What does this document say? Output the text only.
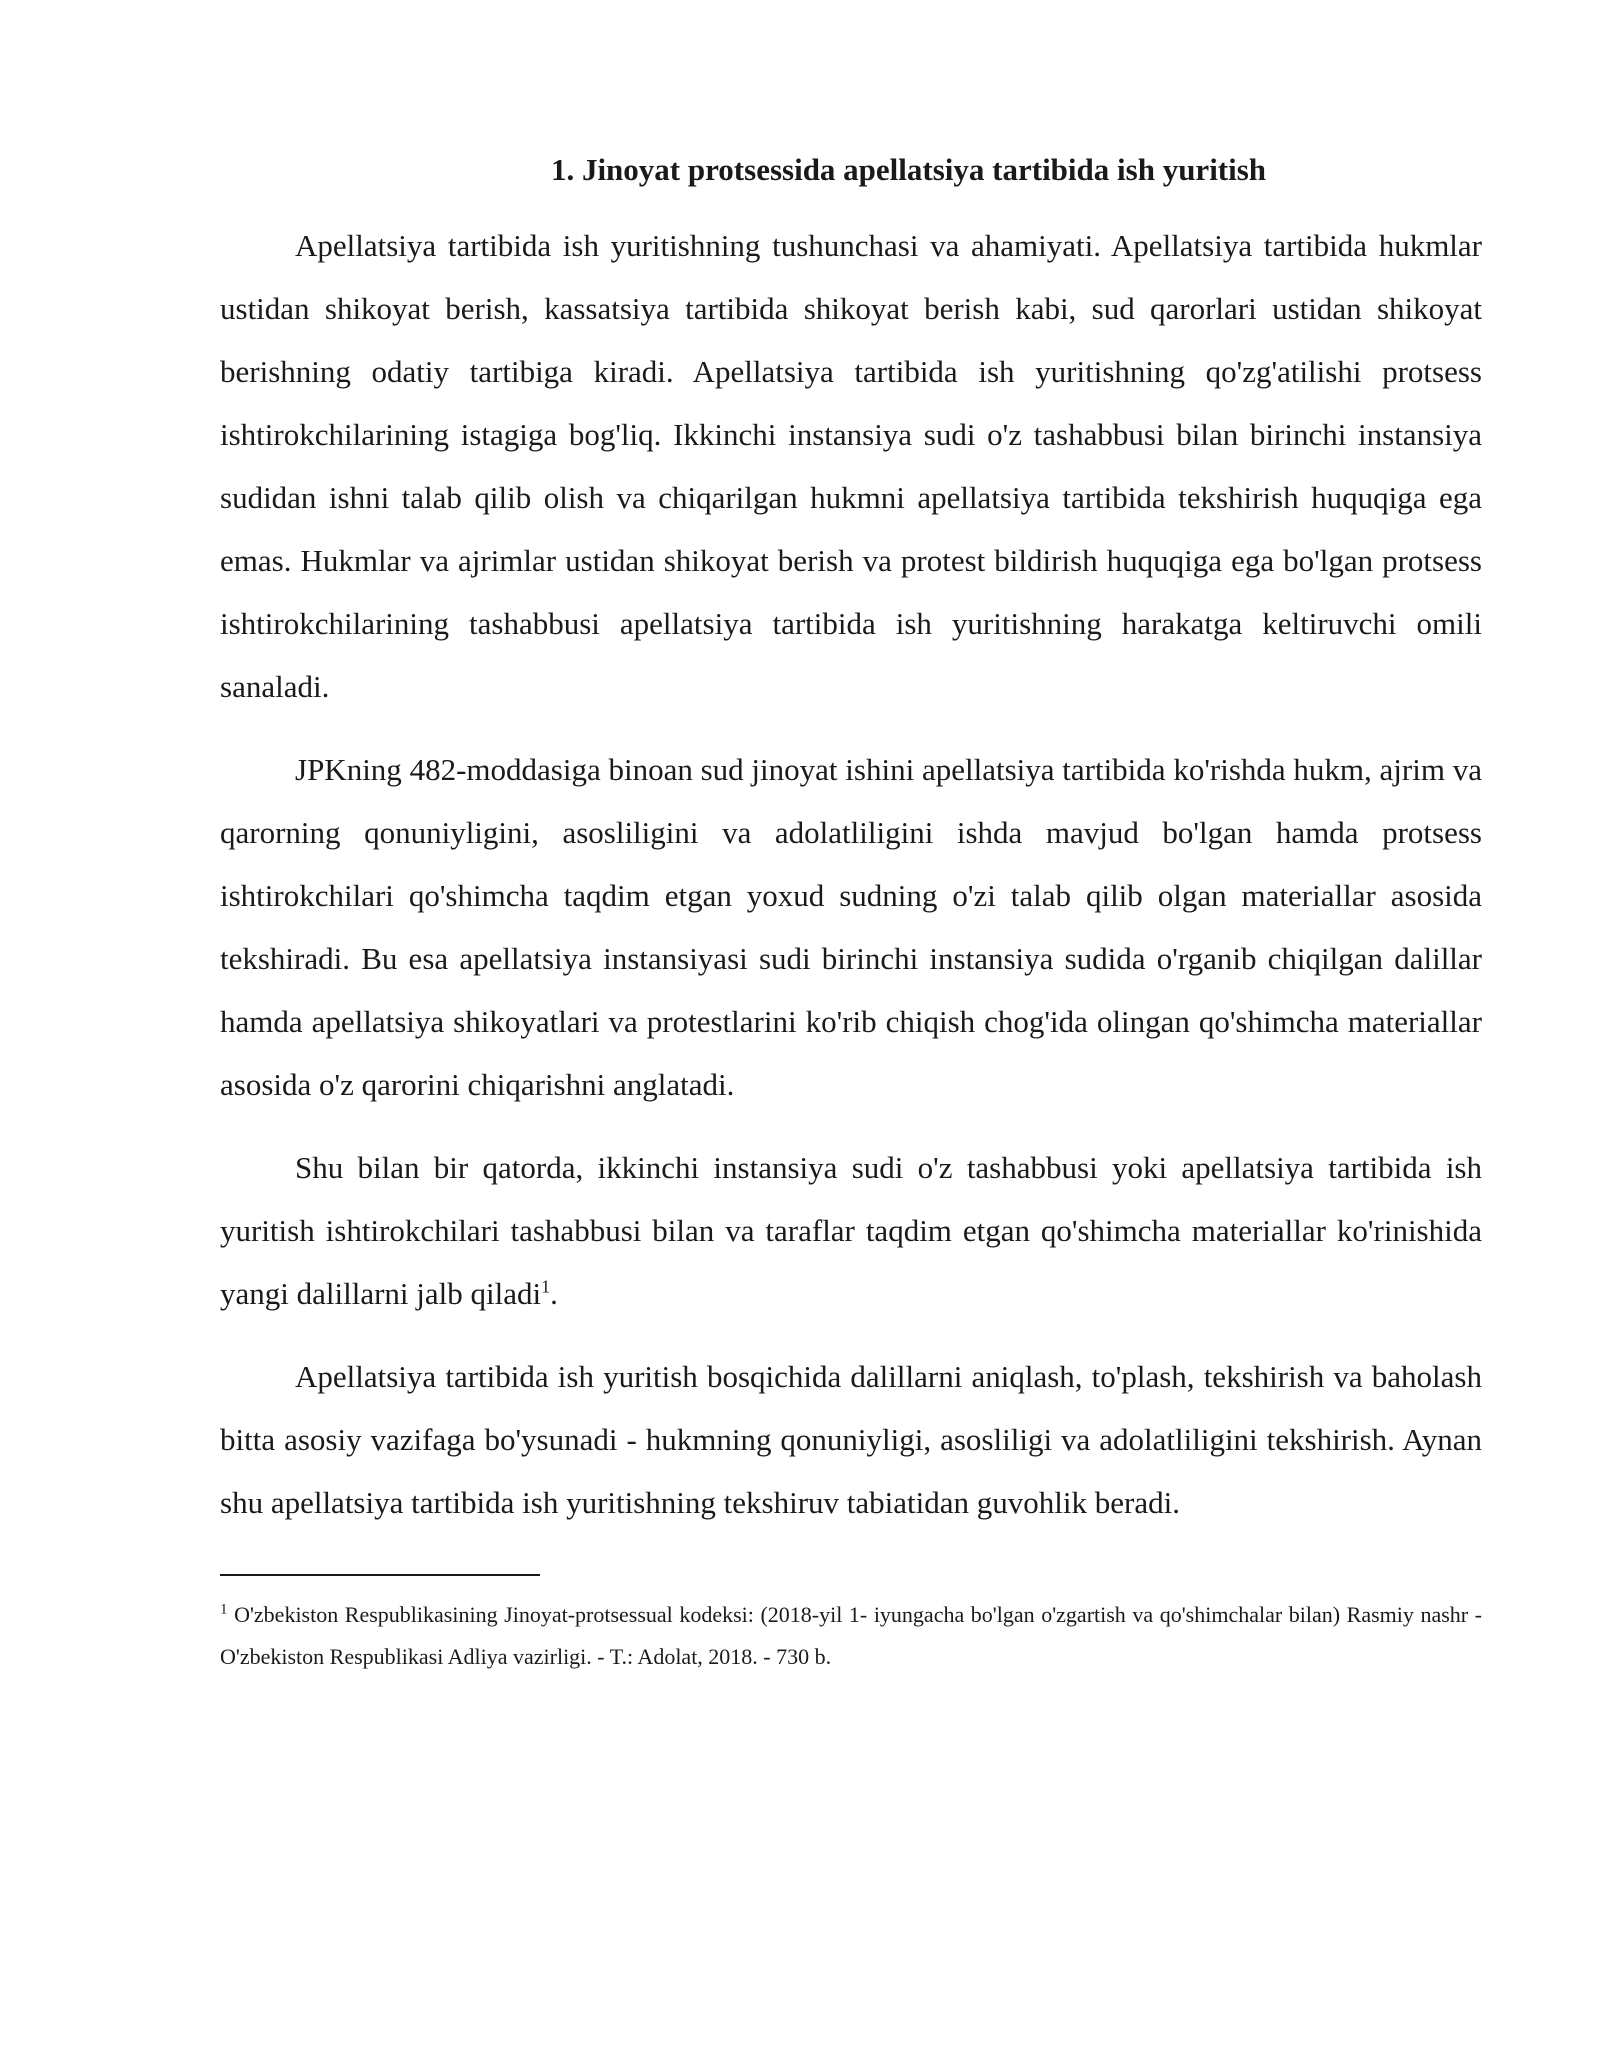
1. Jinoyat protsessida apellatsiya tartibida ish yuritish

Apellatsiya tartibida ish yuritishning tushunchasi va ahamiyati. Apellatsiya tartibida hukmlar ustidan shikoyat berish, kassatsiya tartibida shikoyat berish kabi, sud qarorlari ustidan shikoyat berishning odatiy tartibiga kiradi. Apellatsiya tartibida ish yuritishning qo'zg'atilishi protsess ishtirokchilarining istagiga bog'liq. Ikkinchi instansiya sudi o'z tashabbusi bilan birinchi instansiya sudidan ishni talab qilib olish va chiqarilgan hukmni apellatsiya tartibida tekshirish huquqiga ega emas. Hukmlar va ajrimlar ustidan shikoyat berish va protest bildirish huquqiga ega bo'lgan protsess ishtirokchilarining tashabbusi apellatsiya tartibida ish yuritishning harakatga keltiruvchi omili sanaladi.

JPKning 482-moddasiga binoan sud jinoyat ishini apellatsiya tartibida ko'rishda hukm, ajrim va qarorning qonuniyligini, asosliligini va adolatliligini ishda mavjud bo'lgan hamda protsess ishtirokchilari qo'shimcha taqdim etgan yoxud sudning o'zi talab qilib olgan materiallar asosida tekshiradi. Bu esa apellatsiya instansiyasi sudi birinchi instansiya sudida o'rganib chiqilgan dalillar hamda apellatsiya shikoyatlari va protestlarini ko'rib chiqish chog'ida olingan qo'shimcha materiallar asosida o'z qarorini chiqarishni anglatadi.

Shu bilan bir qatorda, ikkinchi instansiya sudi o'z tashabbusi yoki apellatsiya tartibida ish yuritish ishtirokchilari tashabbusi bilan va taraflar taqdim etgan qo'shimcha materiallar ko'rinishida yangi dalillarni jalb qiladi$^1$.

Apellatsiya tartibida ish yuritish bosqichida dalillarni aniqlash, to'plash, tekshirish va baholash bitta asosiy vazifaga bo'ysunadi - hukmning qonuniyligi, asosliligi va adolatliligini tekshirish. Aynan shu apellatsiya tartibida ish yuritishning tekshiruv tabiatidan guvohlik beradi.

$^1$ O'zbekiston Respublikasining Jinoyat-protsessual kodeksi: (2018-yil 1- iyungacha bo'lgan o'zgartish va qo'shimchalar bilan) Rasmiy nashr - O'zbekiston Respublikasi Adliya vazirligi. - T.: Adolat, 2018. - 730 b.
